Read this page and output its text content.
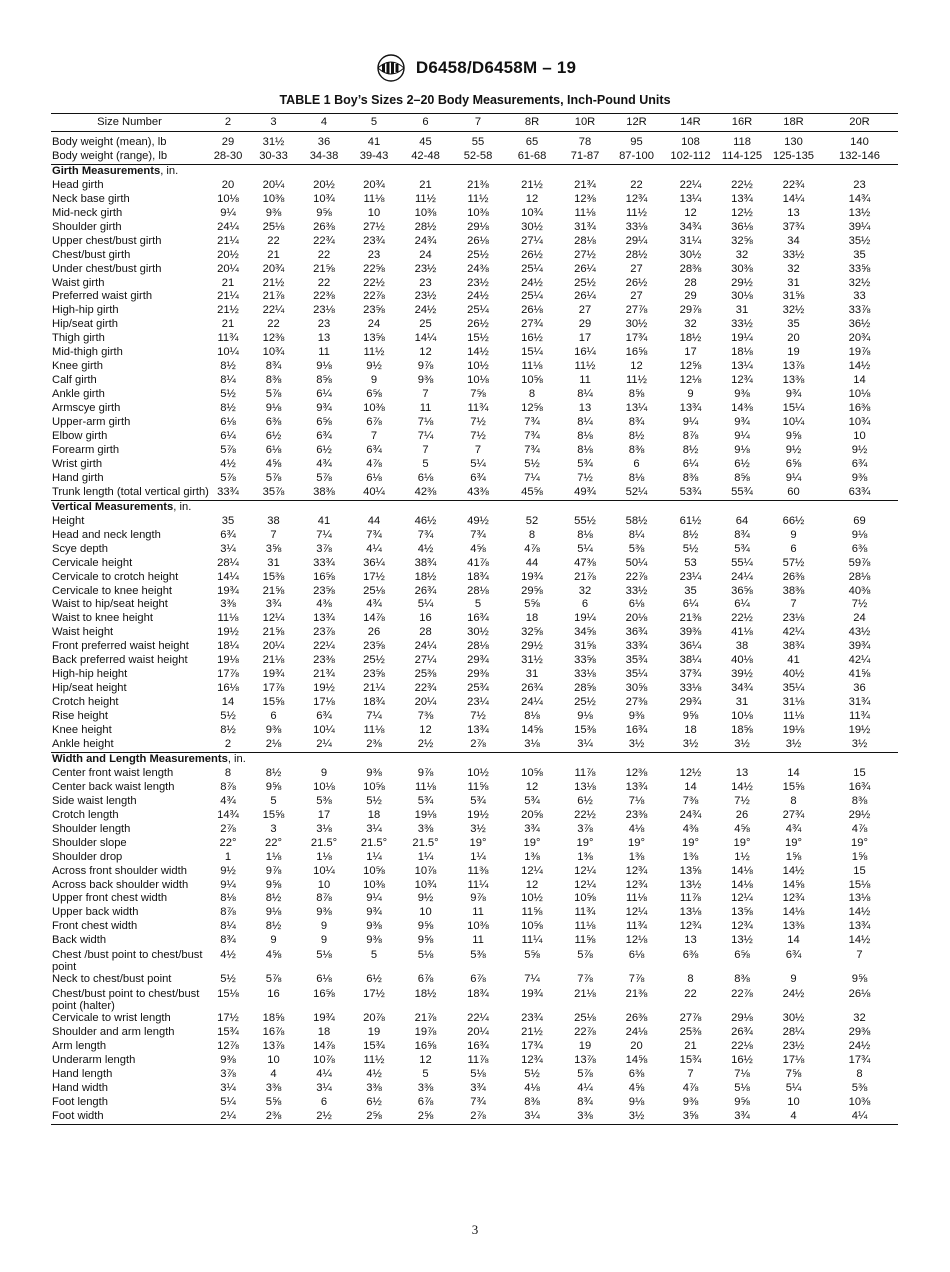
D6458/D6458M – 19
TABLE 1 Boy’s Sizes 2–20 Body Measurements, Inch-Pound Units
Size Number	2	3	4	5	6	7	8R	10R	12R	14R	16R	18R	20R

Body weight (mean), lb	29	31½	36	41	45	55	65	78	95	108	118	130	140
Body weight (range), lb	28-30	30-33	34-38	39-43	42-48	52-58	61-68	71-87	87-100	102-112	114-125	125-135	132-146
Girth Measurements, in.													
Head girth	20	20¼	20½	20¾	21	21⅜	21½	21¾	22	22¼	22½	22¾	23
Neck base girth	10⅛	10⅜	10¾	11⅛	11½	11½	12	12⅜	12¾	13¼	13¾	14¼	14¾
Mid-neck girth	9¼	9⅜	9⅝	10	10⅜	10⅜	10¾	11⅛	11½	12	12½	13	13½
Shoulder girth	24¼	25⅛	26⅜	27½	28½	29⅛	30½	31¾	33⅛	34¾	36⅛	37¾	39¼
Upper chest/bust girth	21¼	22	22¾	23¾	24¾	26⅛	27¼	28⅛	29¼	31¼	32⅝	34	35½
Chest/bust girth	20½	21	22	23	24	25½	26½	27½	28½	30½	32	33½	35
Under chest/bust girth	20¼	20¾	21⅝	22⅝	23½	24⅜	25¼	26¼	27	28⅜	30⅜	32	33⅝
Waist girth	21	21½	22	22½	23	23½	24½	25½	26½	28	29½	31	32½
Preferred waist girth	21¼	21⅞	22⅜	22⅞	23½	24½	25¼	26¼	27	29	30⅛	31⅝	33
High-hip girth	21½	22¼	23⅛	23⅝	24½	25¼	26⅛	27	27⅞	29⅞	31	32½	33⅞
Hip/seat girth	21	22	23	24	25	26½	27¾	29	30½	32	33½	35	36½
Thigh girth	11¾	12⅜	13	13⅝	14¼	15½	16½	17	17¾	18½	19¼	20	20¾
Mid-thigh girth	10¼	10¾	11	11½	12	14½	15¼	16¼	16⅝	17	18⅛	19	19⅞
Knee girth	8½	8¾	9⅛	9½	9⅞	10½	11⅛	11½	12	12⅝	13¼	13⅞	14½
Calf girth	8¼	8⅜	8⅝	9	9⅜	10⅛	10⅝	11	11½	12⅛	12¾	13⅜	14
Ankle girth	5½	5⅞	6¼	6⅝	7	7⅝	8	8¼	8⅝	9	9⅜	9¾	10⅛
Armscye girth	8½	9⅛	9¾	10⅜	11	11¾	12⅝	13	13¼	13¾	14⅜	15¼	16⅜
Upper-arm girth	6⅛	6⅜	6⅝	6⅞	7⅛	7½	7¾	8¼	8¾	9¼	9¾	10¼	10¾
Elbow girth	6¼	6½	6¾	7	7¼	7½	7¾	8⅛	8½	8⅞	9¼	9⅝	10
Forearm girth	5⅞	6⅛	6½	6¾	7	7	7¾	8⅛	8⅜	8½	9⅛	9½	9½
Wrist girth	4½	4⅝	4¾	4⅞	5	5¼	5½	5¾	6	6¼	6½	6⅝	6¾
Hand girth	5⅞	5⅞	5⅞	6⅛	6⅛	6¾	7¼	7½	8⅛	8⅜	8⅝	9¼	9⅜
Trunk length (total vertical girth)	33¾	35⅞	38⅜	40¼	42⅜	43⅜	45⅝	49¾	52¼	53¾	55¾	60	63¾
Vertical Measurements, in.													
Height	35	38	41	44	46½	49½	52	55½	58½	61½	64	66½	69
Head and neck length	6¾	7	7¼	7¾	7¾	7¾	8	8⅛	8¼	8½	8¾	9	9⅛
Scye depth	3¼	3⅝	3⅞	4¼	4½	4⅝	4⅞	5¼	5⅜	5½	5¾	6	6⅜
Cervicale height	28¼	31	33¾	36¼	38¾	41⅞	44	47⅜	50¼	53	55¼	57½	59⅞
Cervicale to crotch height	14¼	15⅜	16⅝	17½	18½	18¾	19¾	21⅞	22⅞	23¼	24¼	26⅜	28⅛
Cervicale to knee height	19¾	21⅝	23⅝	25⅛	26¾	28⅛	29⅝	32	33½	35	36⅝	38⅜	40⅜
Waist to hip/seat height	3⅜	3¾	4⅜	4¾	5¼	5	5⅝	6	6⅛	6¼	6¼	7	7½
Waist to knee height	11⅛	12¼	13¾	14⅞	16	16¾	18	19¼	20⅛	21⅜	22½	23⅛	24
Waist height	19½	21⅝	23⅞	26	28	30½	32⅝	34⅝	36¾	39⅜	41⅛	42¼	43½
Front preferred waist height	18¼	20¼	22¼	23⅝	24¼	28⅛	29½	31⅝	33¾	36¼	38	38¾	39¾
Back preferred waist height	19⅛	21⅛	23⅜	25½	27¼	29¾	31½	33⅝	35¾	38¼	40⅛	41	42¼
High-hip height	17⅞	19¾	21¾	23⅝	25⅜	29⅜	31	33⅛	35¼	37¾	39½	40½	41⅝
Hip/seat height	16⅛	17⅞	19½	21¼	22¾	25¾	26¾	28⅝	30⅝	33⅛	34¾	35¼	36
Crotch height	14	15⅝	17⅛	18¾	20¼	23¼	24¼	25½	27⅜	29¾	31	31⅛	31¾
Rise height	5½	6	6¾	7¼	7⅜	7½	8⅛	9⅛	9⅜	9⅝	10⅛	11⅛	11¾
Knee height	8½	9⅜	10¼	11⅛	12	13¾	14⅝	15⅜	16¾	18	18⅝	19⅛	19½
Ankle height	2	2⅛	2¼	2⅜	2½	2⅞	3⅛	3¼	3½	3½	3½	3½	3½
Width and Length Measurements, in.													
Center front waist length	8	8½	9	9⅜	9⅞	10½	10⅝	11⅞	12⅜	12½	13	14	15
Center back waist length	8⅞	9⅝	10⅛	10⅝	11⅛	11⅝	12	13⅛	13¾	14	14½	15⅝	16¾
Side waist length	4¾	5	5⅜	5½	5¾	5¾	5¾	6½	7⅛	7⅜	7½	8	8⅜
Crotch length	14¾	15⅝	17	18	19⅛	19½	20⅝	22½	23⅜	24¾	26	27¾	29½
Shoulder length	2⅞	3	3⅛	3¼	3⅜	3½	3¾	3⅞	4⅛	4⅜	4⅝	4¾	4⅞
Shoulder slope	22°	22°	21.5°	21.5°	21.5°	19°	19°	19°	19°	19°	19°	19°	19°
Shoulder drop	1	1⅛	1⅛	1¼	1¼	1¼	1⅜	1⅜	1⅜	1⅜	1½	1⅝	1⅝
Across front shoulder width	9½	9⅞	10¼	10⅝	10⅞	11⅜	12¼	12¼	12¾	13⅝	14⅛	14½	15
Across back shoulder width	9¼	9⅝	10	10⅜	10¾	11¼	12	12¼	12¾	13½	14⅛	14⅝	15⅛
Upper front chest width	8⅛	8½	8⅞	9¼	9½	9⅞	10½	10⅝	11⅛	11⅞	12¼	12¾	13⅛
Upper back width	8⅞	9⅛	9⅜	9¾	10	11	11⅝	11¾	12¼	13⅛	13⅝	14⅛	14½
Front chest width	8¼	8½	9	9⅜	9⅝	10⅜	10⅝	11⅛	11¾	12¾	12¾	13⅜	13¾
Back width	8¾	9	9	9⅜	9⅝	11	11¼	11⅝	12⅛	13	13½	14	14½
Chest /bust point to chest/bust point	4½	4⅝	5⅛	5	5⅛	5⅜	5⅝	5⅞	6⅛	6⅜	6⅝	6¾	7
Neck to chest/bust point	5½	5⅞	6⅛	6½	6⅞	6⅞	7¼	7⅞	7⅞	8	8⅜	9	9⅝
Chest/bust point to chest/bust point (halter)	15⅛	16	16⅝	17½	18½	18¾	19¾	21⅛	21⅜	22	22⅞	24½	26⅛
Cervicale to wrist length	17½	18⅝	19¾	20⅞	21⅞	22¼	23¾	25⅛	26⅜	27⅞	29⅛	30½	32
Shoulder and arm length	15¾	16⅞	18	19	19⅞	20¼	21½	22⅞	24⅛	25⅜	26¾	28¼	29⅜
Arm length	12⅞	13⅞	14⅞	15¾	16⅝	16¾	17¾	19	20	21	22⅛	23½	24½
Underarm length	9⅜	10	10⅞	11½	12	11⅞	12¾	13⅞	14⅝	15¾	16½	17⅛	17¾
Hand length	3⅞	4	4¼	4½	5	5⅛	5½	5⅞	6⅜	7	7⅛	7⅝	8
Hand width	3¼	3⅜	3¼	3⅜	3⅜	3¾	4⅛	4¼	4⅝	4⅞	5⅛	5¼	5⅜
Foot length	5¼	5⅝	6	6½	6⅞	7¾	8⅜	8¾	9⅛	9⅜	9⅝	10	10⅜
Foot width	2¼	2⅜	2½	2⅝	2⅝	2⅞	3¼	3⅜	3½	3⅝	3¾	4	4¼
3
